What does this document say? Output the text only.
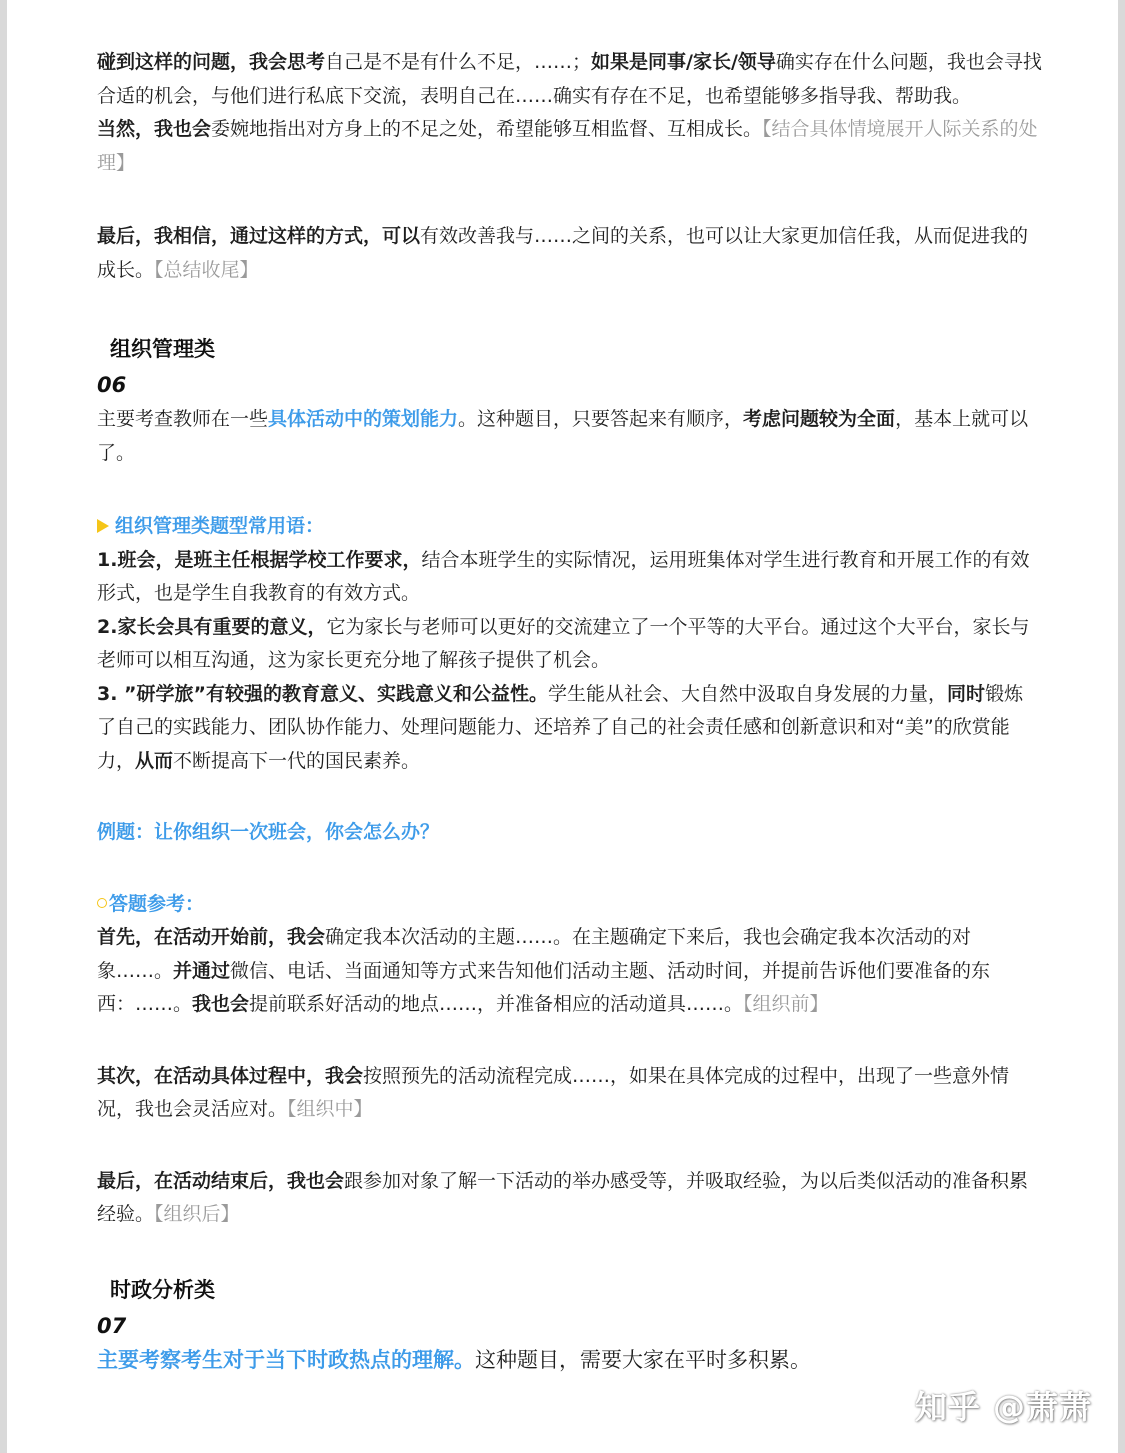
碰到这样的问题，我会思考自己是不是有什么不足，……；如果是同事/家长/领导确实存在什么问题，我也会寻找合适的机会，与他们进行私底下交流，表明自己在……确实有存在不足，也希望能够多指导我、帮助我。
当然，我也会委婉地指出对方身上的不足之处，希望能够互相监督、互相成长。【结合具体情境展开人际关系的处理】

最后，我相信，通过这样的方式，可以有效改善我与……之间的关系，也可以让大家更加信任我，从而促进我的成长。【总结收尾】

组织管理类
06

主要考查教师在一些具体活动中的策划能力。这种题目，只要答起来有顺序，考虑问题较为全面，基本上就可以了。

组织管理类题型常用语：

1.班会，是班主任根据学校工作要求，结合本班学生的实际情况，运用班集体对学生进行教育和开展工作的有效形式，也是学生自我教育的有效方式。

2.家长会具有重要的意义，它为家长与老师可以更好的交流建立了一个平等的大平台。通过这个大平台，家长与老师可以相互沟通，这为家长更充分地了解孩子提供了机会。

3. ”研学旅”有较强的教育意义、实践意义和公益性。学生能从社会、大自然中汲取自身发展的力量，同时锻炼了自己的实践能力、团队协作能力、处理问题能力、还培养了自己的社会责任感和创新意识和对“美”的欣赏能力，从而不断提高下一代的国民素养。

例题：让你组织一次班会，你会怎么办？

答题参考：

首先，在活动开始前，我会确定我本次活动的主题……。在主题确定下来后，我也会确定我本次活动的对象……。并通过微信、电话、当面通知等方式来告知他们活动主题、活动时间，并提前告诉他们要准备的东西：……。我也会提前联系好活动的地点……，并准备相应的活动道具……。【组织前】

其次，在活动具体过程中，我会按照预先的活动流程完成……，如果在具体完成的过程中，出现了一些意外情况，我也会灵活应对。【组织中】

最后，在活动结束后，我也会跟参加对象了解一下活动的举办感受等，并吸取经验，为以后类似活动的准备积累经验。【组织后】

时政分析类
07

主要考察考生对于当下时政热点的理解。这种题目，需要大家在平时多积累。

知乎 @萧萧
